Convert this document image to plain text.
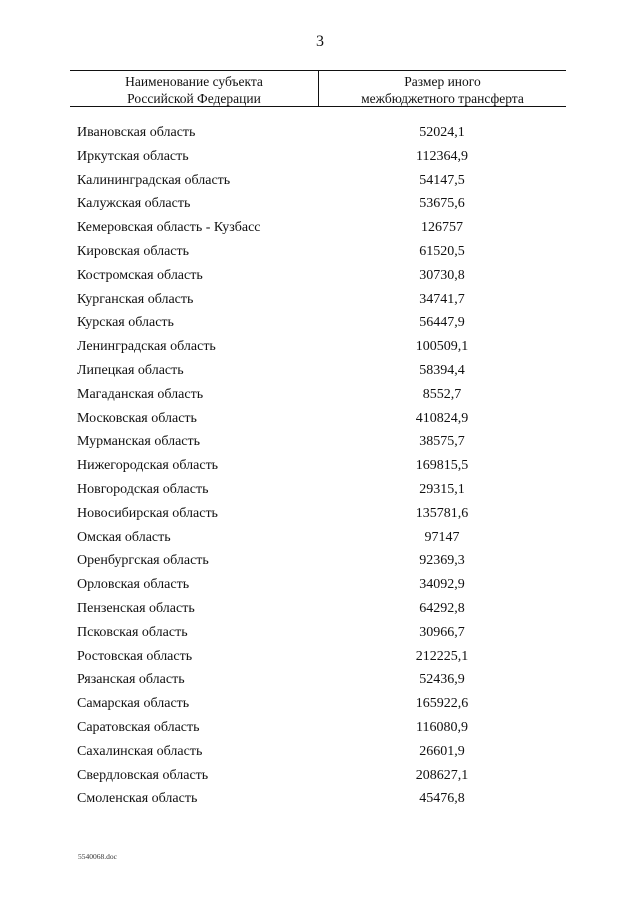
3
Наименование субъекта
Российской Федерации
Размер иного
межбюджетного трансферта
Ивановская область	52024,1
Иркутская область	112364,9
Калининградская область	54147,5
Калужская область	53675,6
Кемеровская область - Кузбасс	126757
Кировская область	61520,5
Костромская область	30730,8
Курганская область	34741,7
Курская область	56447,9
Ленинградская область	100509,1
Липецкая область	58394,4
Магаданская область	8552,7
Московская область	410824,9
Мурманская область	38575,7
Нижегородская область	169815,5
Новгородская область	29315,1
Новосибирская область	135781,6
Омская область	97147
Оренбургская область	92369,3
Орловская область	34092,9
Пензенская область	64292,8
Псковская область	30966,7
Ростовская область	212225,1
Рязанская область	52436,9
Самарская область	165922,6
Саратовская область	116080,9
Сахалинская область	26601,9
Свердловская область	208627,1
Смоленская область	45476,8
5540068.doc
